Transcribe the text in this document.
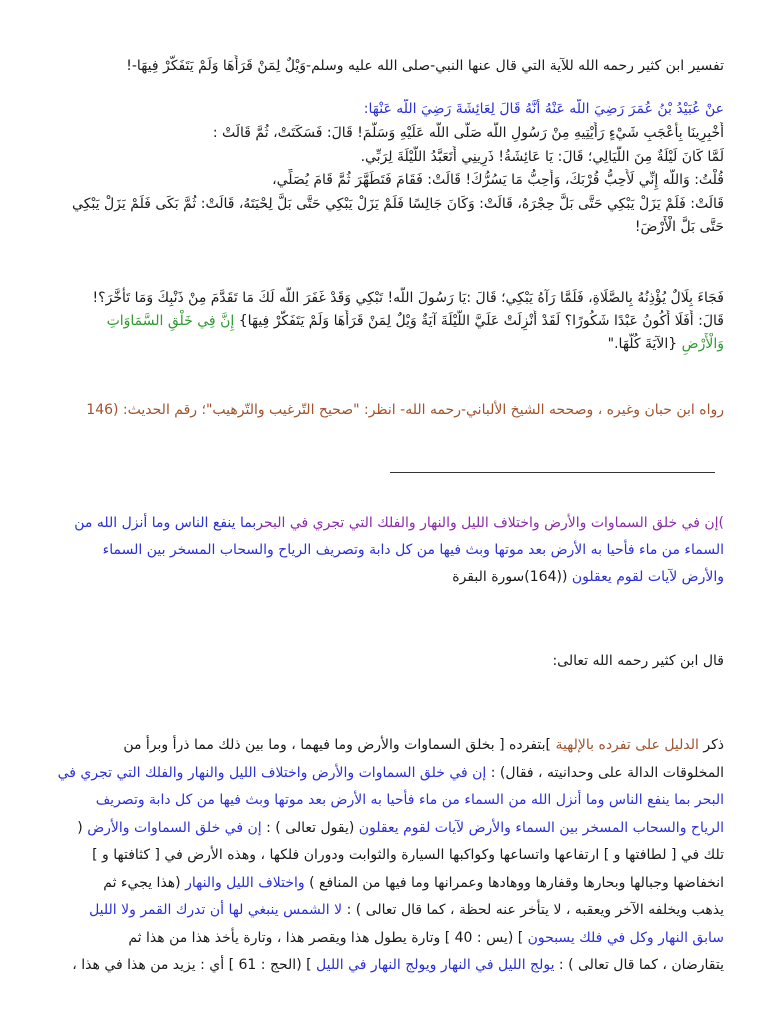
تفسير ابن كثير رحمه الله للآية التي قال عنها النبي-صلى الله عليه وسلم-وَيْلٌ لِمَنْ قَرَأَهَا وَلَمْ يَتَفَكَّرْ فِيهَا-!
عنْ عُبَيْدُ بْنُ عُمَرَ رَضِيَ اللَّه عَنْهُ أَنَّهُ قَالَ لِعَائِشَةَ رَضِيَ اللَّه عَنْهَا:
أَخْبِرِينَا بِأَعْجَبِ شَيْءٍ رَأَيْتِيهِ مِنْ رَسُولِ اللَّه صَلَّى اللَّه عَلَيْهِ وَسَلَّمَ! قَالَ: فَسَكَتَتْ، ثُمَّ قَالَتْ :
لَمَّا كَانَ لَيْلَةٌ مِنَ اللَّيَالِي؛ قَالَ: يَا عَائِشَةُ! ذَرِينِي أَتَعَبَّدُ اللَّيْلَةَ لِرَبِّي.
قُلْتُ: وَاللَّه إِنِّي لَأُحِبُّ قُرْبَكَ، وَأُحِبُّ مَا يَسُرُّكَ! قَالَتْ: فَقَامَ فَتَطَهَّرَ ثُمَّ قَامَ يُصَلِّي،
قَالَتْ: فَلَمْ يَزَلْ يَبْكِي حَتَّى بَلَّ حِجْرَهُ، قَالَتْ: وَكَانَ جَالِسًا فَلَمْ يَزَلْ يَبْكِي حَتَّى بَلَّ لِحْيَتَهُ، قَالَتْ: ثُمَّ بَكَى فَلَمْ يَزَلْ يَبْكِي
حَتَّى بَلَّ الْأَرْضَ!
فَجَاءَ بِلَالٌ يُؤْذِنُهُ بِالصَّلَاةِ، فَلَمَّا رَآهُ يَبْكِي؛ قَالَ :يَا رَسُولَ اللَّه! تَبْكِي وَقَدْ غَفَرَ اللَّه لَكَ مَا تَقَدَّمَ مِنْ ذَنْبِكَ وَمَا تَأَخَّرَ؟!
قَالَ: أَفَلَا أَكُونُ عَبْدًا شَكُورًا؟ لَقَدْ أُنْزِلَتْ عَلَيَّ اللَّيْلَةَ آيَةٌ وَيْلٌ لِمَنْ قَرَأَهَا وَلَمْ يَتَفَكَّرْ فِيهَا} إِنَّ فِي خَلْقِ السَّمَاوَاتِ
وَالْأَرْضِ {الآيَةَ كُلَّهَا."
رواه ابن حبان وغيره ، وصححه الشيخ الألباني-رحمه الله- انظر: "صحيح التّرغيب والتّرهيب"؛ رقم الحديث: (146
)إن في خلق السماوات والأرض واختلاف الليل والنهار والفلك التي تجري في البحربما ينفع الناس وما أنزل الله من
السماء من ماء فأحيا به الأرض بعد موتها وبث فيها من كل دابة وتصريف الرياح والسحاب المسخر بين السماء
والأرض لآيات لقوم يعقلون ((164)سورة البقرة
قال ابن كثير رحمه الله تعالى:
ذكر الدليل على تفرده بالإلهية ]بتفرده [ بخلق السماوات والأرض وما فيهما ، وما بين ذلك مما ذرأ وبرأ من
المخلوقات الدالة على وحدانيته ، فقال) : إن في خلق السماوات والأرض واختلاف الليل والنهار والفلك التي تجري في
البحر بما ينفع الناس وما أنزل الله من السماء من ماء فأحيا به الأرض بعد موتها وبث فيها من كل دابة وتصريف
الرياح والسحاب المسخر بين السماء والأرض لآيات لقوم يعقلون (يقول تعالى ) : إن في خلق السماوات والأرض (
تلك في [ لطافتها و ] ارتفاعها واتساعها وكواكبها السيارة والثوابت ودوران فلكها ، وهذه الأرض في [ كثافتها و ]
انخفاضها وجبالها وبحارها وقفارها ووهادها وعمرانها وما فيها من المنافع ) واختلاف الليل والنهار (هذا يجيء ثم
يذهب ويخلفه الآخر ويعقبه ، لا يتأخر عنه لحظة ، كما قال تعالى ) : لا الشمس ينبغي لها أن تدرك القمر ولا الليل
سابق النهار وكل في فلك يسبحون ] (يس : 40 ] وتارة يطول هذا ويقصر هذا ، وتارة يأخذ هذا من هذا ثم
يتقارضان ، كما قال تعالى ) : يولج الليل في النهار ويولج النهار في الليل ] (الحج : 61 ] أي : يزيد من هذا في هذا ،
